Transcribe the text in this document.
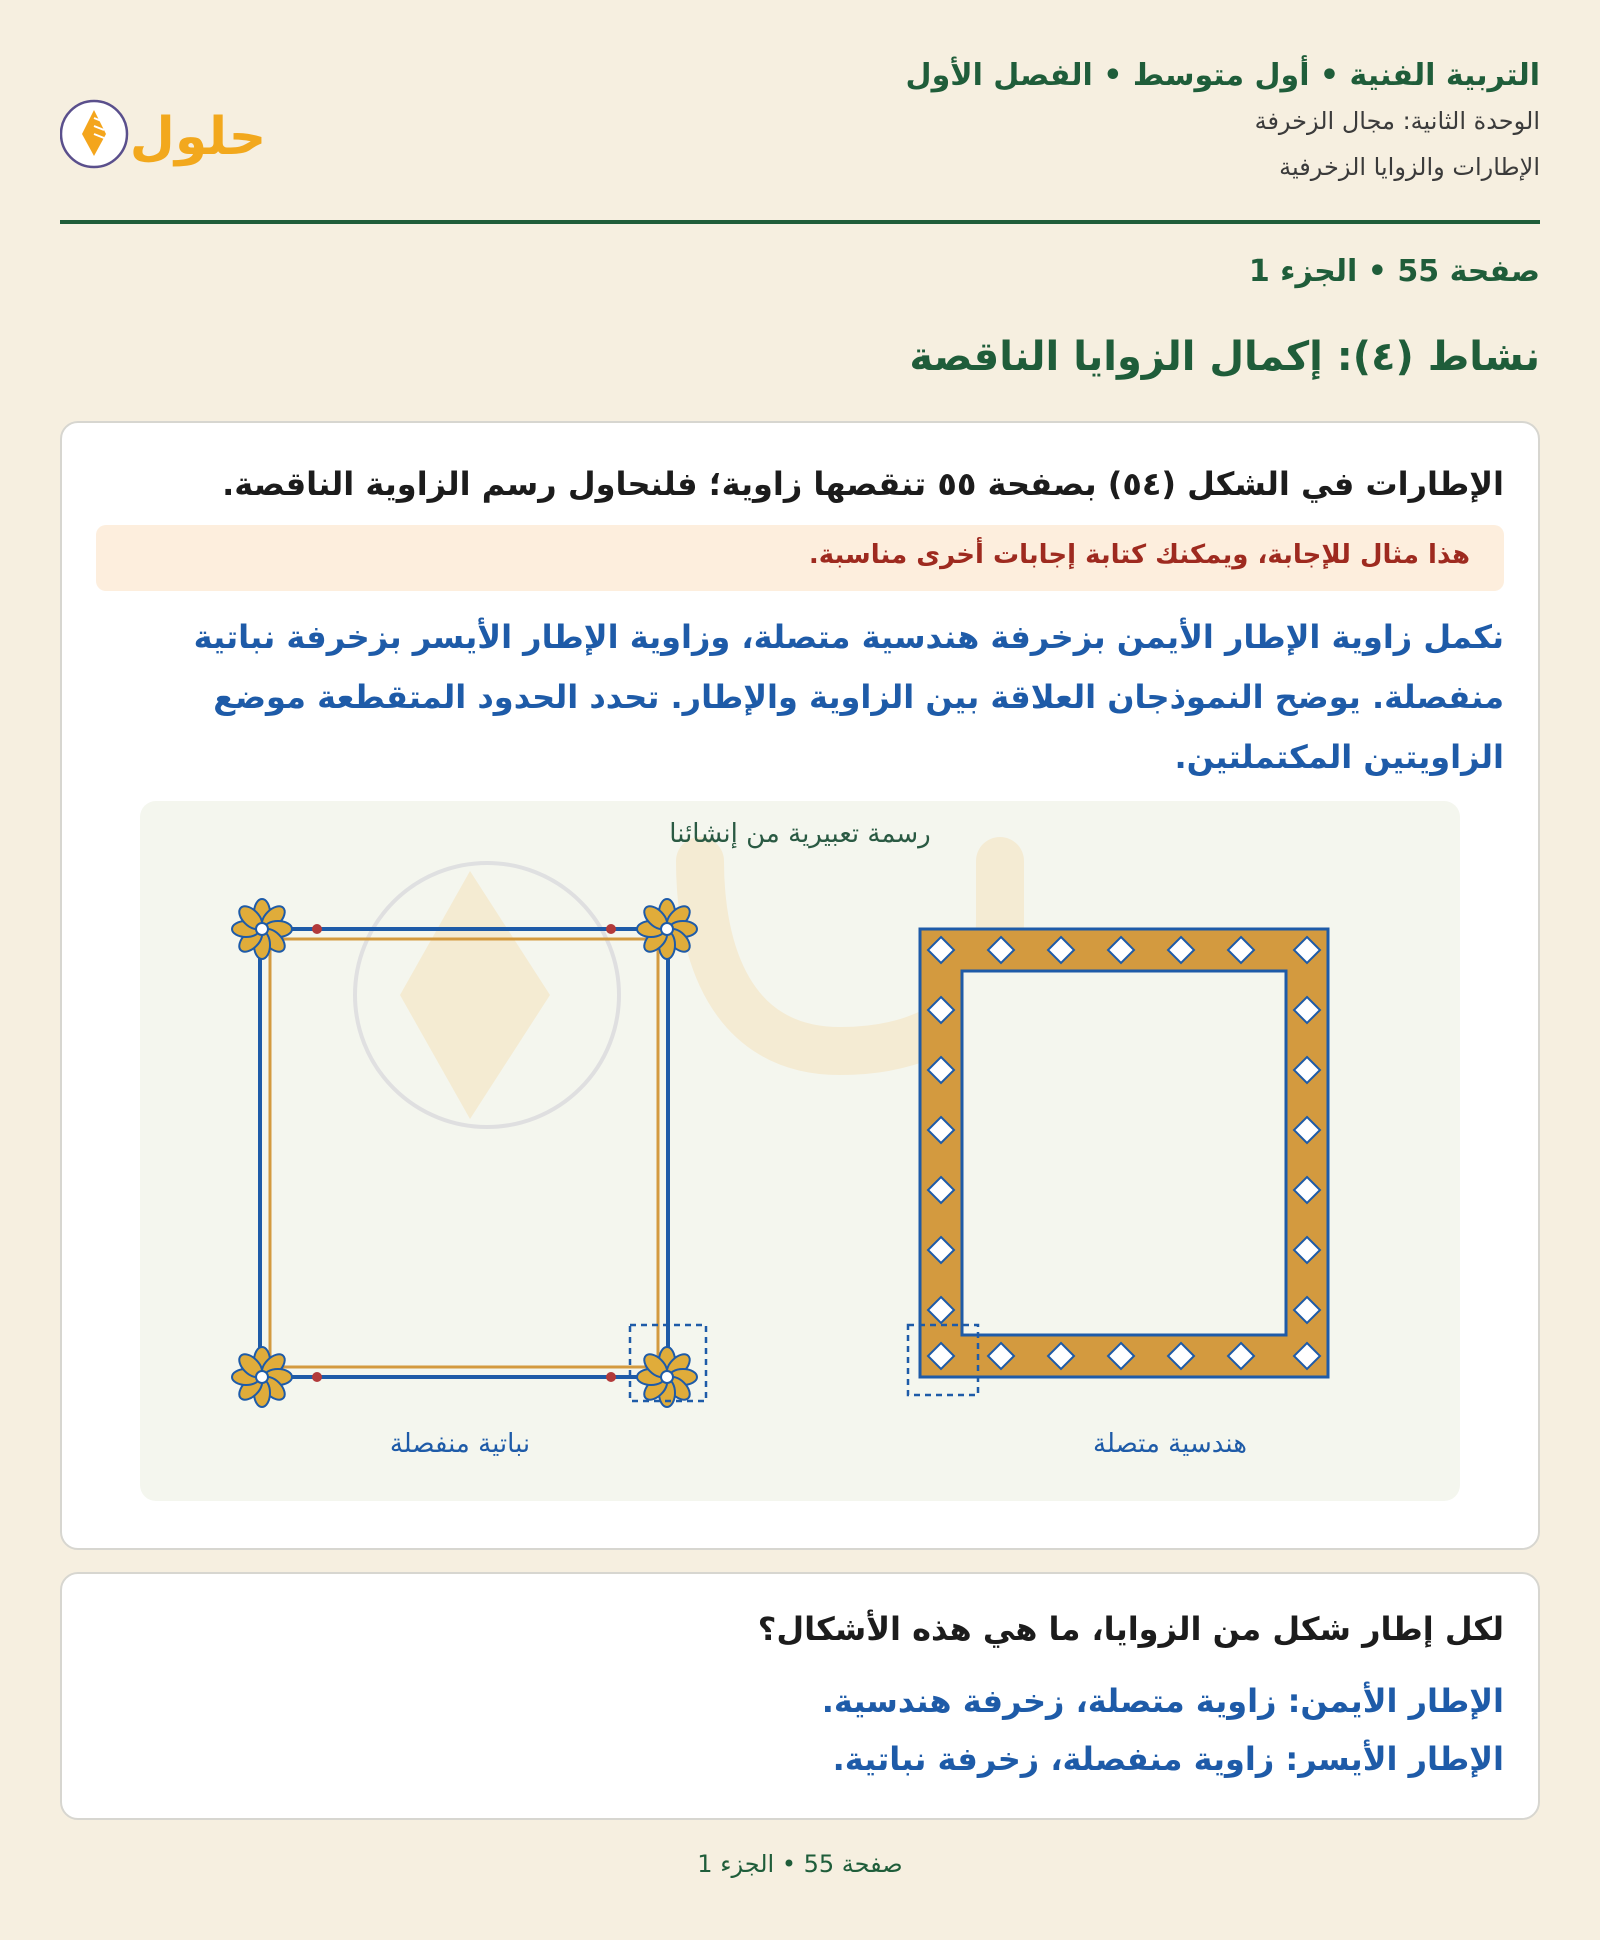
التربية الفنية • أول متوسط • الفصل الأول
الوحدة الثانية: مجال الزخرفة
الإطارات والزوايا الزخرفية
حلول
صفحة 55 • الجزء 1
نشاط (٤): إكمال الزوايا الناقصة
الإطارات في الشكل (٥٤) بصفحة ٥٥ تنقصها زاوية؛ فلنحاول رسم الزاوية الناقصة.
هذا مثال للإجابة، ويمكنك كتابة إجابات أخرى مناسبة.
نكمل زاوية الإطار الأيمن بزخرفة هندسية متصلة، وزاوية الإطار الأيسر بزخرفة نباتية منفصلة. يوضح النموذجان العلاقة بين الزاوية والإطار. تحدد الحدود المتقطعة موضع الزاويتين المكتملتين.
رسمة تعبيرية من إنشائنا
هندسية متصلة
نباتية منفصلة
لكل إطار شكل من الزوايا، ما هي هذه الأشكال؟
الإطار الأيمن: زاوية متصلة، زخرفة هندسية.
الإطار الأيسر: زاوية منفصلة، زخرفة نباتية.
صفحة 55 • الجزء 1
